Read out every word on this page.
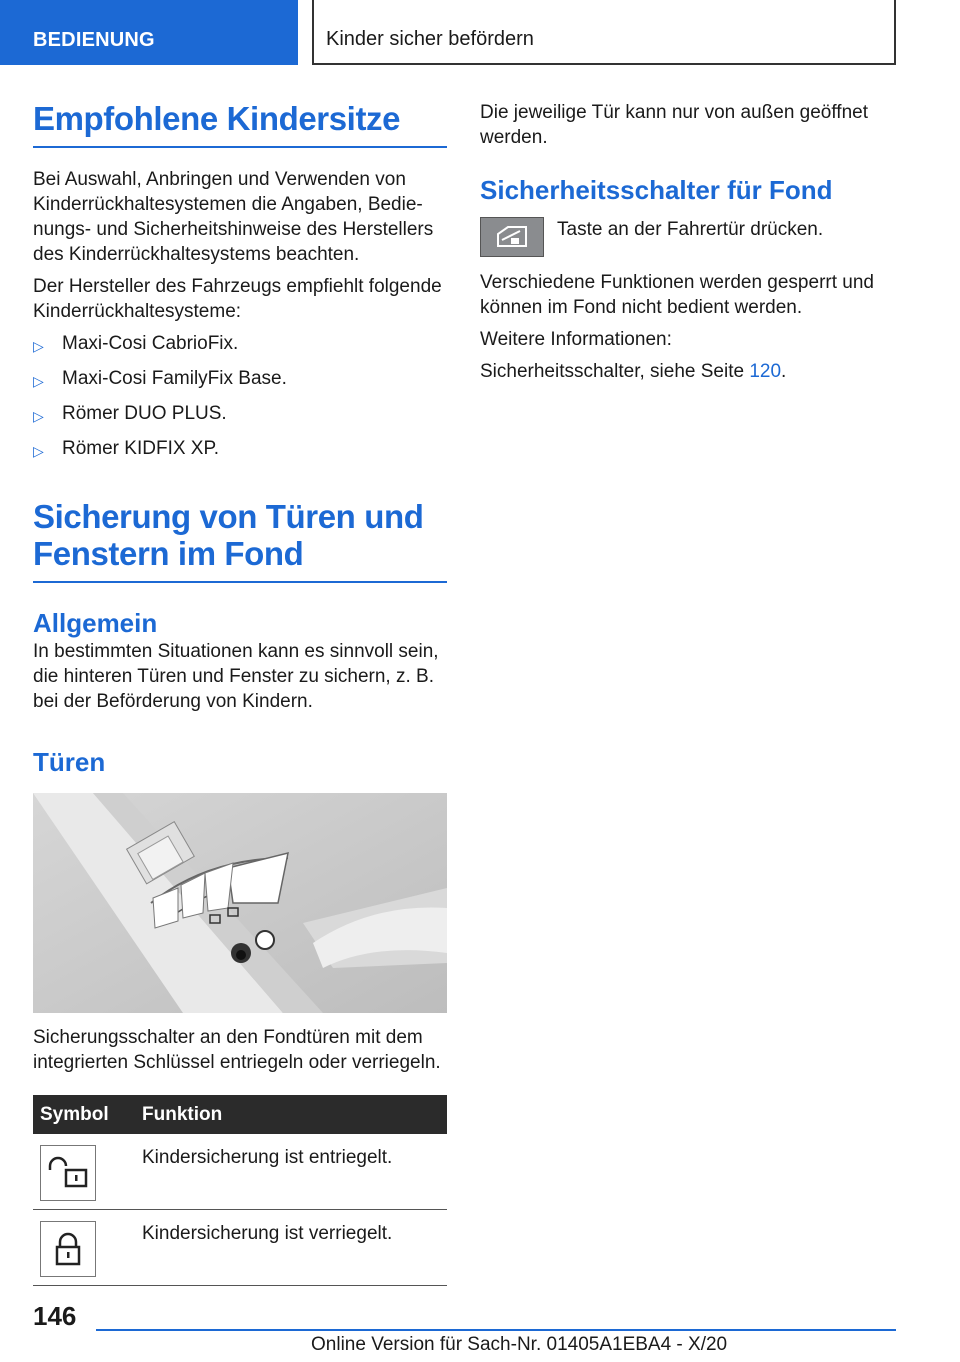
BEDIENUNG	Kinder sicher befördern
Empfohlene Kindersitze

Bei Auswahl, Anbringen und Verwenden von Kinderrückhaltesystemen die Angaben, Bedie-nungs- und Sicherheitshinweise des Herstellers des Kinderrückhaltesystems beachten.

Der Hersteller des Fahrzeugs empfiehlt folgende Kinderrückhaltesysteme:

▷ Maxi-Cosi CabrioFix.
▷ Maxi-Cosi FamilyFix Base.
▷ Römer DUO PLUS.
▷ Römer KIDFIX XP.
Sicherung von Türen und Fenstern im Fond
Allgemein

In bestimmten Situationen kann es sinnvoll sein, die hinteren Türen und Fenster zu sichern, z. B. bei der Beförderung von Kindern.

Türen

Sicherungsschalter an den Fondtüren mit dem integrierten Schlüssel entriegeln oder verriegeln.

Symbol	Funktion
Kindersicherung ist entriegelt.
Kindersicherung ist verriegelt.

Die jeweilige Tür kann nur von außen geöffnet werden.

Sicherheitsschalter für Fond

Taste an der Fahrertür drücken.

Verschiedene Funktionen werden gesperrt und können im Fond nicht bedient werden.

Weitere Informationen:

Sicherheitsschalter, siehe Seite 120.

146
Online Version für Sach-Nr. 01405A1EBA4 - X/20
